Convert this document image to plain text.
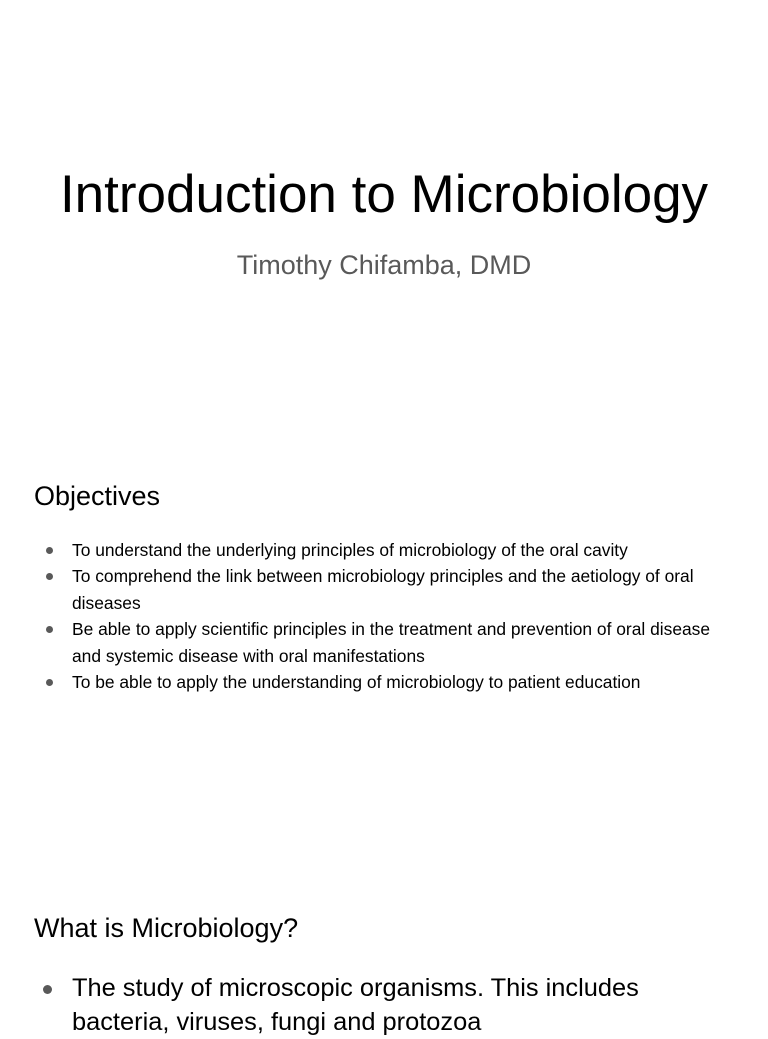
Introduction to Microbiology
Timothy Chifamba, DMD
Objectives
To understand the underlying principles of microbiology of the oral cavity
To comprehend the link between microbiology principles and the aetiology of oral diseases
Be able to apply scientific principles in the treatment and prevention of oral disease and systemic disease with oral manifestations
To be able to apply the understanding of microbiology to patient education
What is Microbiology?
The study of microscopic organisms. This includes bacteria, viruses, fungi and protozoa
